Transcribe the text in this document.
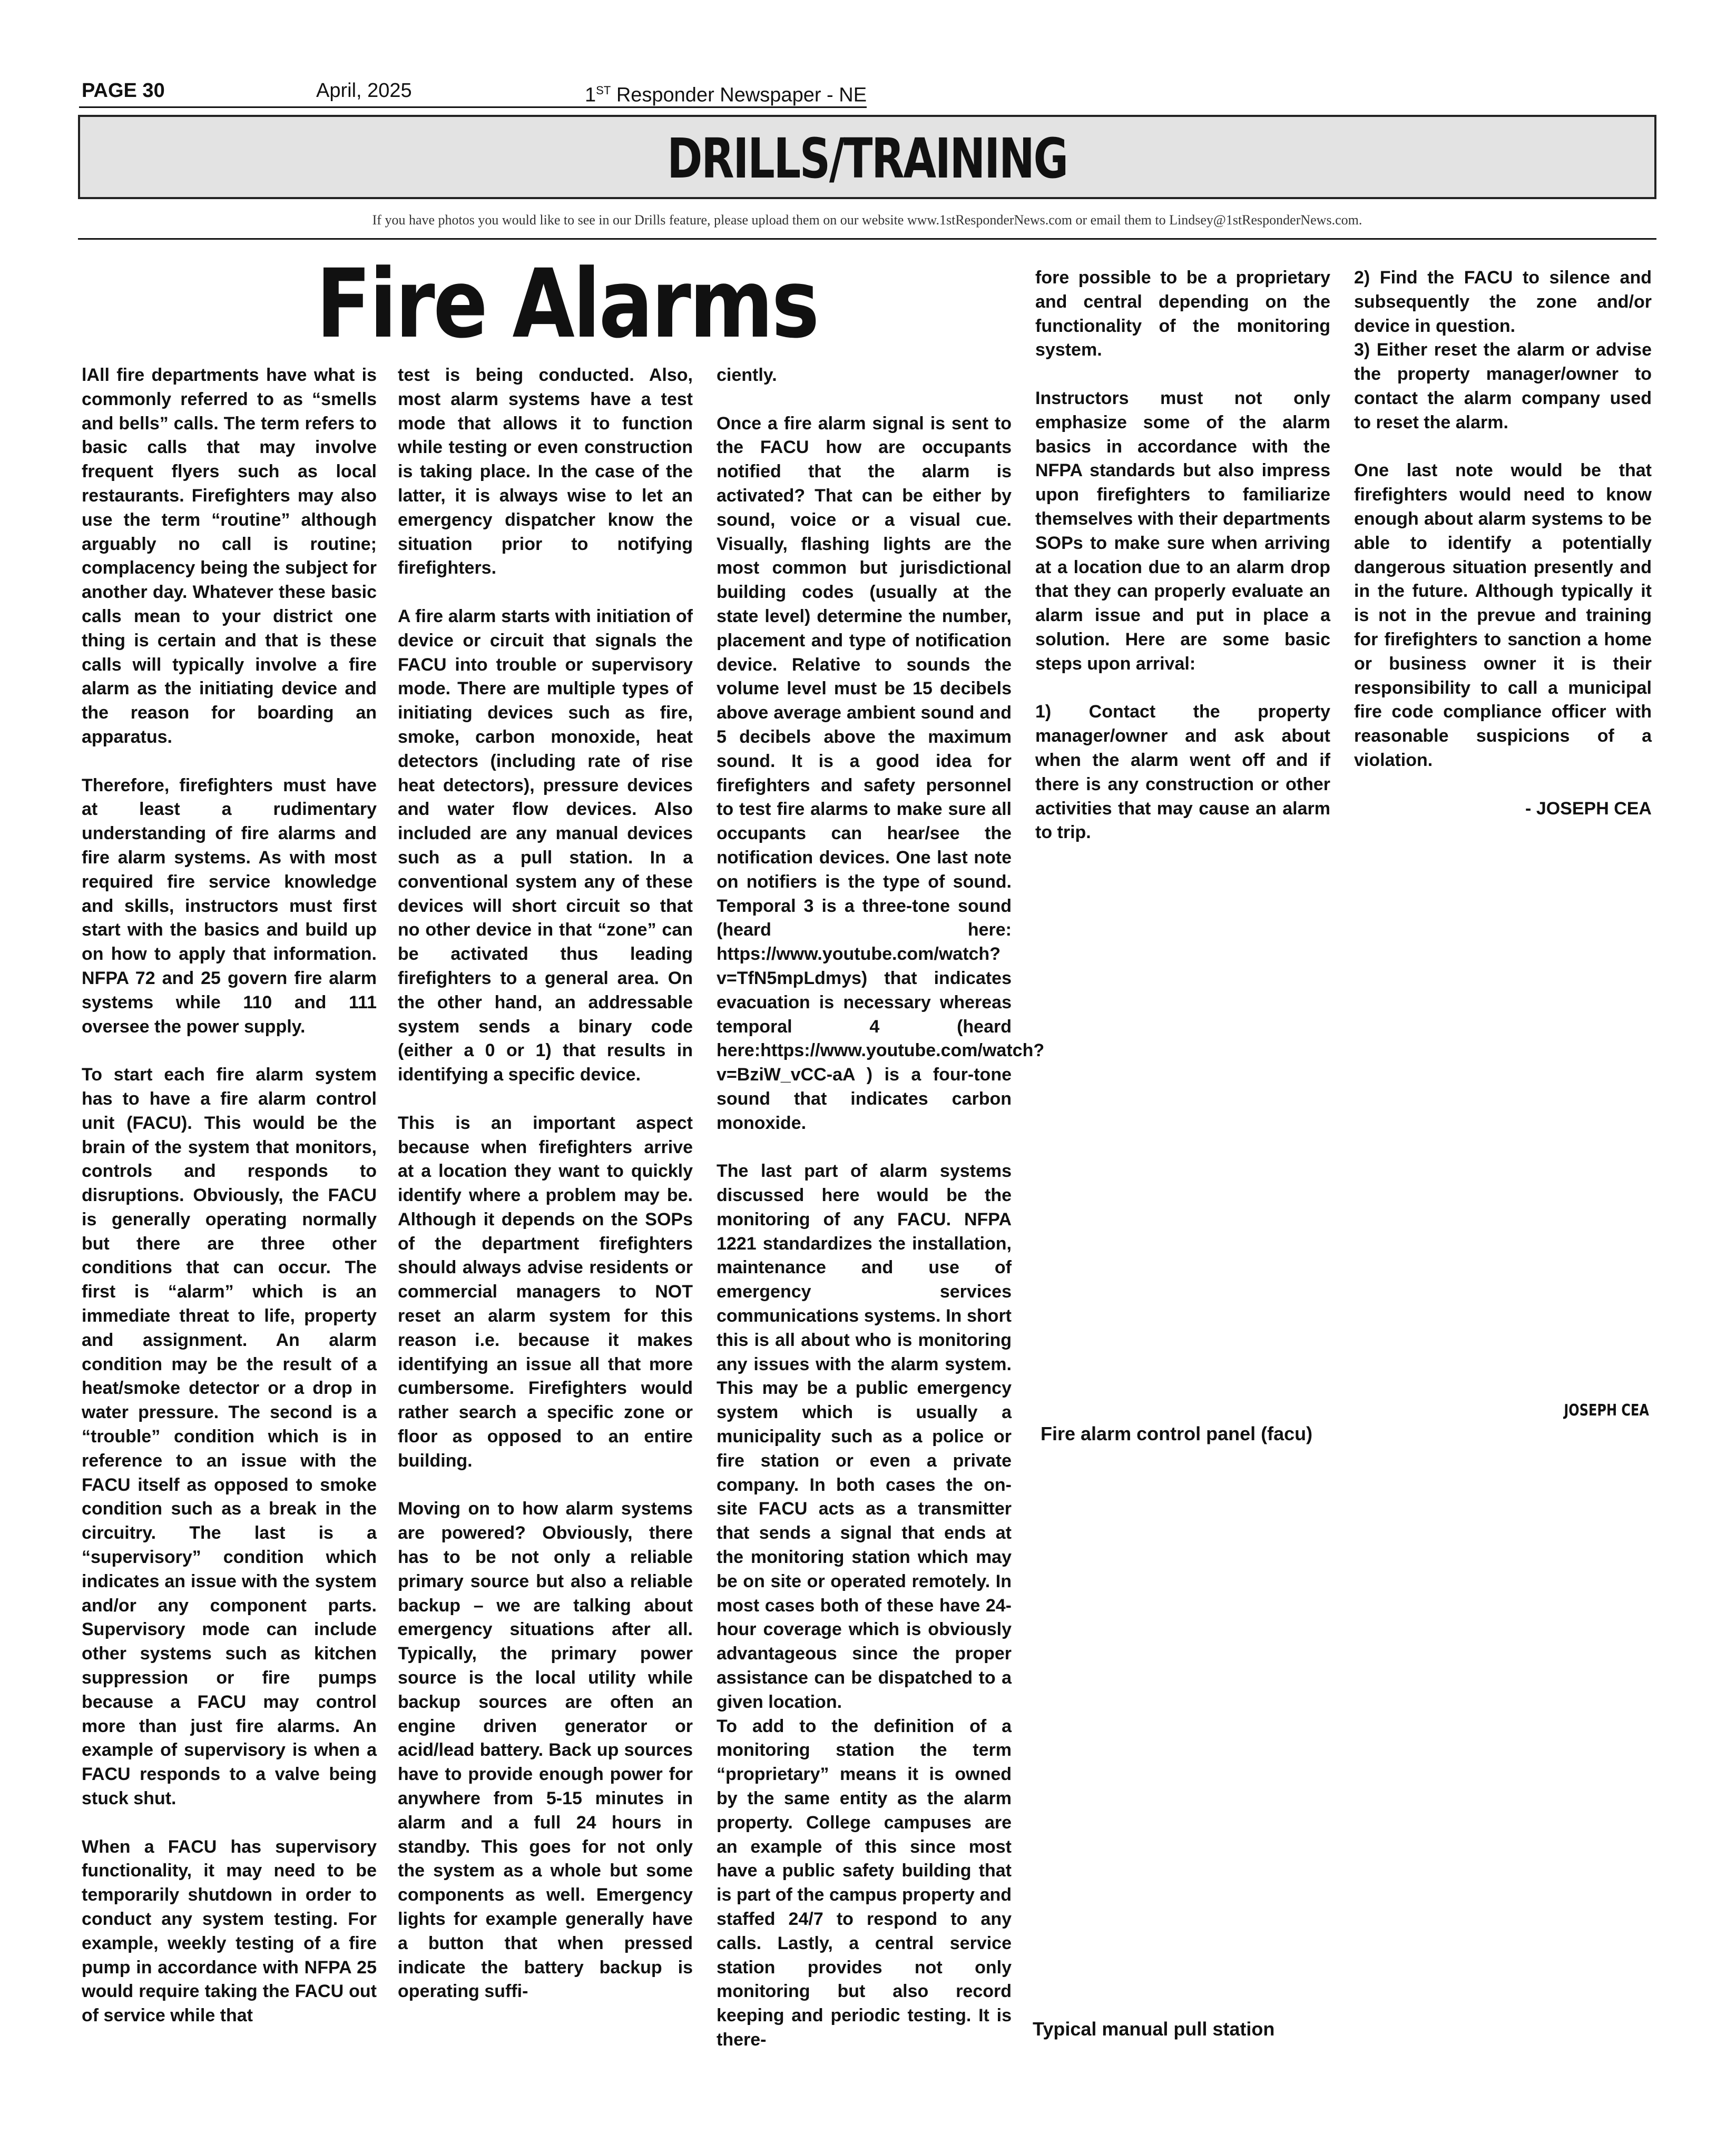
PAGE 30	April, 2025	1ST Responder Newspaper - NE
DRILLS/TRAINING
If you have photos you would like to see in our Drills feature, please upload them on our website www.1stResponderNews.com or email them to Lindsey@1stResponderNews.com.
Fire Alarms

lAll fire departments have what is commonly referred to as “smells and bells” calls. The term refers to basic calls that may involve frequent flyers such as local restaurants. Firefighters may also use the term “routine” although arguably no call is routine; complacency being the subject for another day. Whatever these basic calls mean to your district one thing is certain and that is these calls will typically involve a fire alarm as the initiating device and the reason for boarding an apparatus.

Therefore, firefighters must have at least a rudimentary understanding of fire alarms and fire alarm systems. As with most required fire service knowledge and skills, instructors must first start with the basics and build up on how to apply that information. NFPA 72 and 25 govern fire alarm systems while 110 and 111 oversee the power supply.

To start each fire alarm system has to have a fire alarm control unit (FACU). This would be the brain of the system that monitors, controls and responds to disruptions. Obviously, the FACU is generally operating normally but there are three other conditions that can occur. The first is “alarm” which is an immediate threat to life, property and assignment. An alarm condition may be the result of a heat/smoke detector or a drop in water pressure. The second is a “trouble” condition which is in reference to an issue with the FACU itself as opposed to smoke condition such as a break in the circuitry. The last is a “supervisory” condition which indicates an issue with the system and/or any component parts. Supervisory mode can include other systems such as kitchen suppression or fire pumps because a FACU may control more than just fire alarms. An example of supervisory is when a FACU responds to a valve being stuck shut.

When a FACU has supervisory functionality, it may need to be temporarily shutdown in order to conduct any system testing. For example, weekly testing of a fire pump in accordance with NFPA 25 would require taking the FACU out of service while that

test is being conducted. Also, most alarm systems have a test mode that allows it to function while testing or even construction is taking place. In the case of the latter, it is always wise to let an emergency dispatcher know the situation prior to notifying firefighters.

A fire alarm starts with initiation of device or circuit that signals the FACU into trouble or supervisory mode. There are multiple types of initiating devices such as fire, smoke, carbon monoxide, heat detectors (including rate of rise heat detectors), pressure devices and water flow devices. Also included are any manual devices such as a pull station. In a conventional system any of these devices will short circuit so that no other device in that “zone” can be activated thus leading firefighters to a general area. On the other hand, an addressable system sends a binary code (either a 0 or 1) that results in identifying a specific device.

This is an important aspect because when firefighters arrive at a location they want to quickly identify where a problem may be. Although it depends on the SOPs of the department firefighters should always advise residents or commercial managers to NOT reset an alarm system for this reason i.e. because it makes identifying an issue all that more cumbersome. Firefighters would rather search a specific zone or floor as opposed to an entire building.

Moving on to how alarm systems are powered? Obviously, there has to be not only a reliable primary source but also a reliable backup – we are talking about emergency situations after all. Typically, the primary power source is the local utility while backup sources are often an engine driven generator or acid/lead battery. Back up sources have to provide enough power for anywhere from 5-15 minutes in alarm and a full 24 hours in standby. This goes for not only the system as a whole but some components as well. Emergency lights for example generally have a button that when pressed indicate the battery backup is operating suffi-

ciently.

Once a fire alarm signal is sent to the FACU how are occupants notified that the alarm is activated? That can be either by sound, voice or a visual cue. Visually, flashing lights are the most common but jurisdictional building codes (usually at the state level) determine the number, placement and type of notification device. Relative to sounds the volume level must be 15 decibels above average ambient sound and 5 decibels above the maximum sound. It is a good idea for firefighters and safety personnel to test fire alarms to make sure all occupants can hear/see the notification devices. One last note on notifiers is the type of sound. Temporal 3 is a three-tone sound (heard here: https://www.youtube.com/watch?v=TfN5mpLdmys) that indicates evacuation is necessary whereas temporal 4 (heard here:https://www.youtube.com/watch?v=BziW_vCC-aA ) is a four-tone sound that indicates carbon monoxide.

The last part of alarm systems discussed here would be the monitoring of any FACU. NFPA 1221 standardizes the installation, maintenance and use of emergency services communications systems. In short this is all about who is monitoring any issues with the alarm system. This may be a public emergency system which is usually a municipality such as a police or fire station or even a private company. In both cases the on-site FACU acts as a transmitter that sends a signal that ends at the monitoring station which may be on site or operated remotely. In most cases both of these have 24-hour coverage which is obviously advantageous since the proper assistance can be dispatched to a given location.

To add to the definition of a monitoring station the term “proprietary” means it is owned by the same entity as the alarm property. College campuses are an example of this since most have a public safety building that is part of the campus property and staffed 24/7 to respond to any calls. Lastly, a central service station provides not only monitoring but also record keeping and periodic testing. It is there-

fore possible to be a proprietary and central depending on the functionality of the monitoring system.

Instructors must not only emphasize some of the alarm basics in accordance with the NFPA standards but also impress upon firefighters to familiarize themselves with their departments SOPs to make sure when arriving at a location due to an alarm drop that they can properly evaluate an alarm issue and put in place a solution. Here are some basic steps upon arrival:

1) Contact the property manager/owner and ask about when the alarm went off and if there is any construction or other activities that may cause an alarm to trip.

2) Find the FACU to silence and subsequently the zone and/or device in question.

3) Either reset the alarm or advise the property manager/owner to contact the alarm company used to reset the alarm.

One last note would be that firefighters would need to know enough about alarm systems to be able to identify a potentially dangerous situation presently and in the future. Although typically it is not in the prevue and training for firefighters to sanction a home or business owner it is their responsibility to call a municipal fire code compliance officer with reasonable suspicions of a violation.

- JOSEPH CEA

JOSEPH CEA
Fire alarm control panel (facu)
Typical manual pull station
